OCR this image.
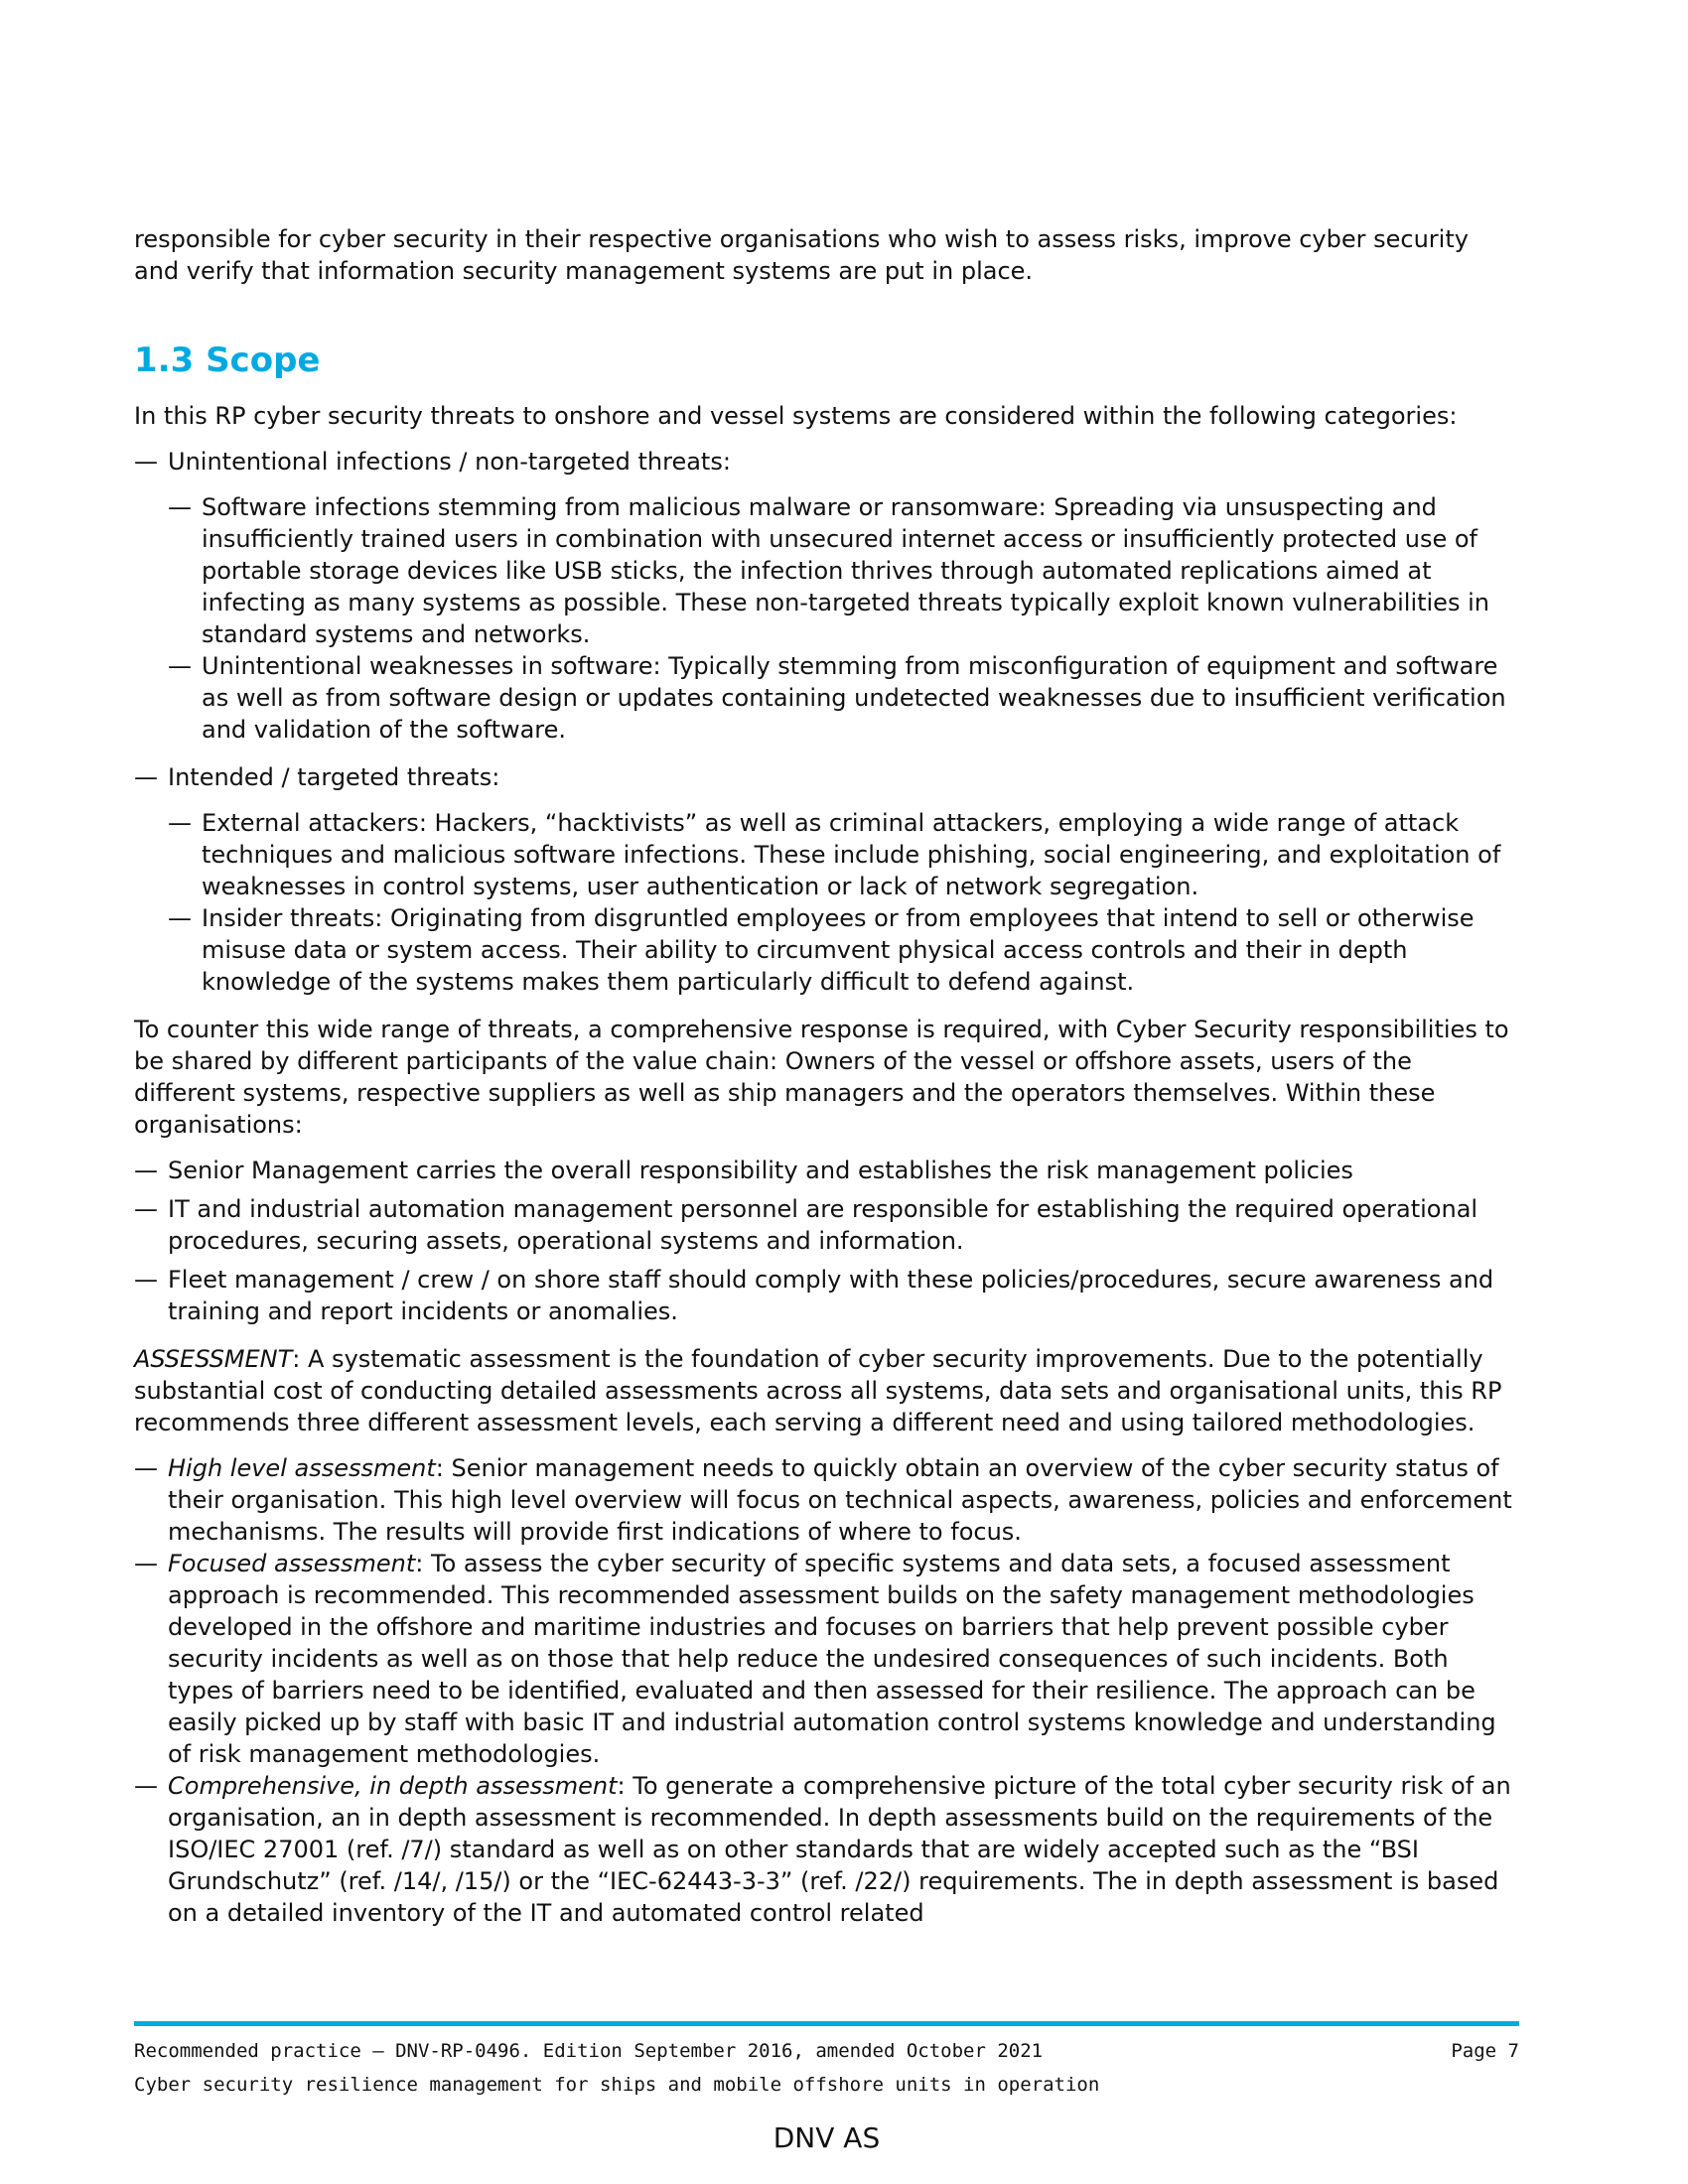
responsible for cyber security in their respective organisations who wish to assess risks, improve cyber security and verify that information security management systems are put in place.

1.3 Scope

In this RP cyber security threats to onshore and vessel systems are considered within the following categories:

— Unintentional infections / non-targeted threats:

— Software infections stemming from malicious malware or ransomware: Spreading via unsuspecting and insufficiently trained users in combination with unsecured internet access or insufficiently protected use of portable storage devices like USB sticks, the infection thrives through automated replications aimed at infecting as many systems as possible. These non-targeted threats typically exploit known vulnerabilities in standard systems and networks.

— Unintentional weaknesses in software: Typically stemming from misconfiguration of equipment and software as well as from software design or updates containing undetected weaknesses due to insufficient verification and validation of the software.

— Intended / targeted threats:

— External attackers: Hackers, “hacktivists” as well as criminal attackers, employing a wide range of attack techniques and malicious software infections. These include phishing, social engineering, and exploitation of weaknesses in control systems, user authentication or lack of network segregation.

— Insider threats: Originating from disgruntled employees or from employees that intend to sell or otherwise misuse data or system access. Their ability to circumvent physical access controls and their in depth knowledge of the systems makes them particularly difficult to defend against.

To counter this wide range of threats, a comprehensive response is required, with Cyber Security responsibilities to be shared by different participants of the value chain: Owners of the vessel or offshore assets, users of the different systems, respective suppliers as well as ship managers and the operators themselves. Within these organisations:

— Senior Management carries the overall responsibility and establishes the risk management policies

— IT and industrial automation management personnel are responsible for establishing the required operational procedures, securing assets, operational systems and information.

— Fleet management / crew / on shore staff should comply with these policies/procedures, secure awareness and training and report incidents or anomalies.

ASSESSMENT: A systematic assessment is the foundation of cyber security improvements. Due to the potentially substantial cost of conducting detailed assessments across all systems, data sets and organisational units, this RP recommends three different assessment levels, each serving a different need and using tailored methodologies.

— High level assessment: Senior management needs to quickly obtain an overview of the cyber security status of their organisation. This high level overview will focus on technical aspects, awareness, policies and enforcement mechanisms. The results will provide first indications of where to focus.

— Focused assessment: To assess the cyber security of specific systems and data sets, a focused assessment approach is recommended. This recommended assessment builds on the safety management methodologies developed in the offshore and maritime industries and focuses on barriers that help prevent possible cyber security incidents as well as on those that help reduce the undesired consequences of such incidents. Both types of barriers need to be identified, evaluated and then assessed for their resilience. The approach can be easily picked up by staff with basic IT and industrial automation control systems knowledge and understanding of risk management methodologies.

— Comprehensive, in depth assessment: To generate a comprehensive picture of the total cyber security risk of an organisation, an in depth assessment is recommended. In depth assessments build on the requirements of the ISO/IEC 27001 (ref. /7/) standard as well as on other standards that are widely accepted such as the “BSI Grundschutz” (ref. /14/, /15/) or the “IEC-62443-3-3” (ref. /22/) requirements. The in depth assessment is based on a detailed inventory of the IT and automated control related

Recommended practice — DNV-RP-0496. Edition September 2016, amended October 2021	Page 7
Cyber security resilience management for ships and mobile offshore units in operation
DNV AS
